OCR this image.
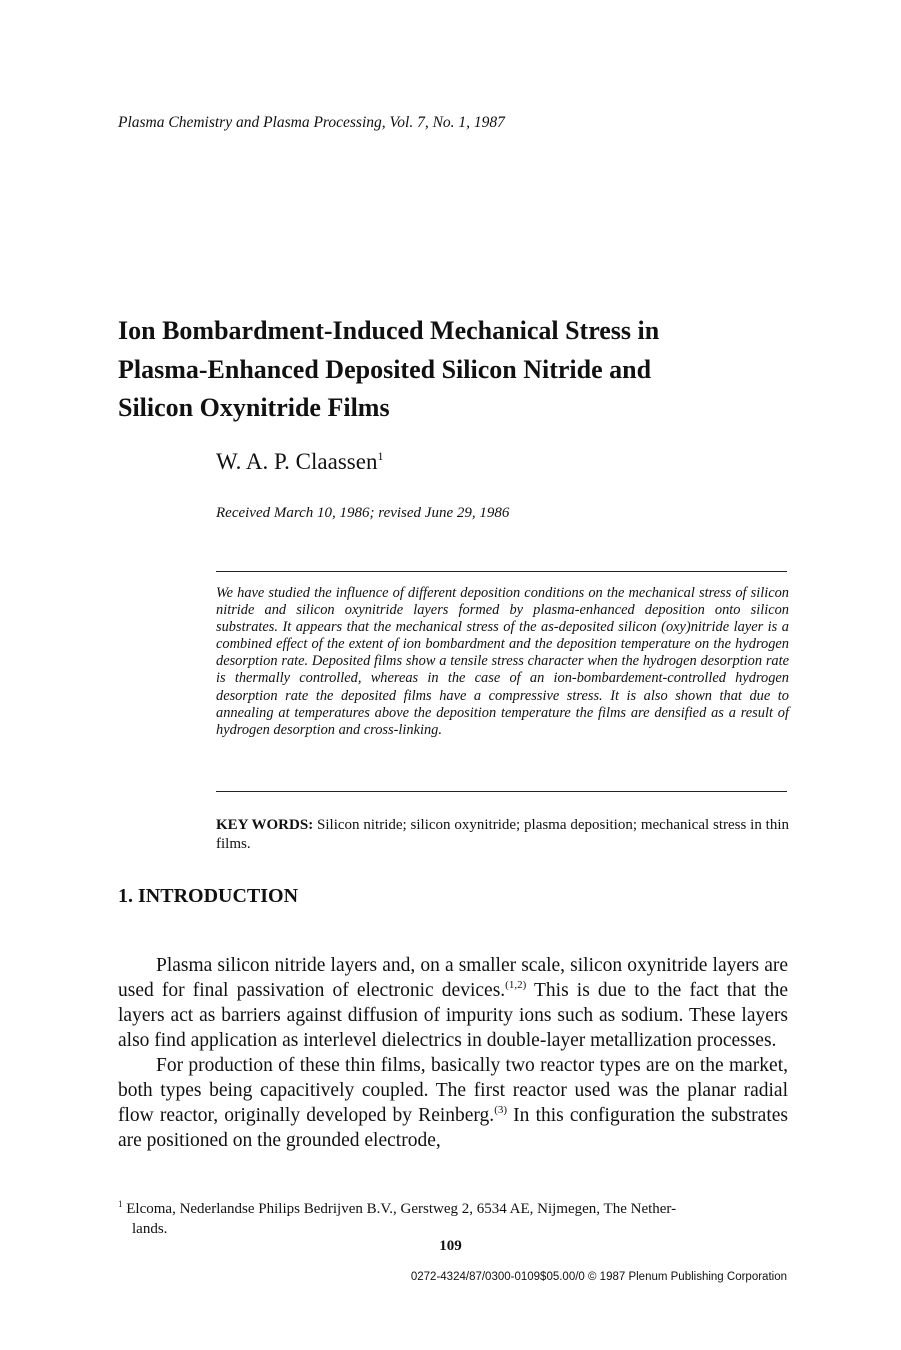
Plasma Chemistry and Plasma Processing, Vol. 7, No. 1, 1987
Ion Bombardment-Induced Mechanical Stress in
Plasma-Enhanced Deposited Silicon Nitride and
Silicon Oxynitride Films
W. A. P. Claassen$^1$
Received March 10, 1986; revised June 29, 1986
We have studied the influence of different deposition conditions on the mechanical stress of silicon nitride and silicon oxynitride layers formed by plasma-enhanced deposition onto silicon substrates. It appears that the mechanical stress of the as-deposited silicon (oxy)nitride layer is a combined effect of the extent of ion bombardment and the deposition temperature on the hydrogen desorption rate. Deposited films show a tensile stress character when the hydrogen desorption rate is thermally controlled, whereas in the case of an ion-bombardement-controlled hydrogen desorption rate the deposited films have a compressive stress. It is also shown that due to annealing at temperatures above the deposition temperature the films are densified as a result of hydrogen desorption and cross-linking.
KEY WORDS: Silicon nitride; silicon oxynitride; plasma deposition; mechanical stress in thin films.
1. INTRODUCTION

Plasma silicon nitride layers and, on a smaller scale, silicon oxynitride layers are used for final passivation of electronic devices.$^{(1,2)}$ This is due to the fact that the layers act as barriers against diffusion of impurity ions such as sodium. These layers also find application as interlevel dielectrics in double-layer metallization processes.

For production of these thin films, basically two reactor types are on the market, both types being capacitively coupled. The first reactor used was the planar radial flow reactor, originally developed by Reinberg.$^{(3)}$ In this configuration the substrates are positioned on the grounded electrode,

$^1$ Elcoma, Nederlandse Philips Bedrijven B.V., Gerstweg 2, 6534 AE, Nijmegen, The Nether-
lands.
109
0272-4324/87/0300-0109$05.00/0 © 1987 Plenum Publishing Corporation
